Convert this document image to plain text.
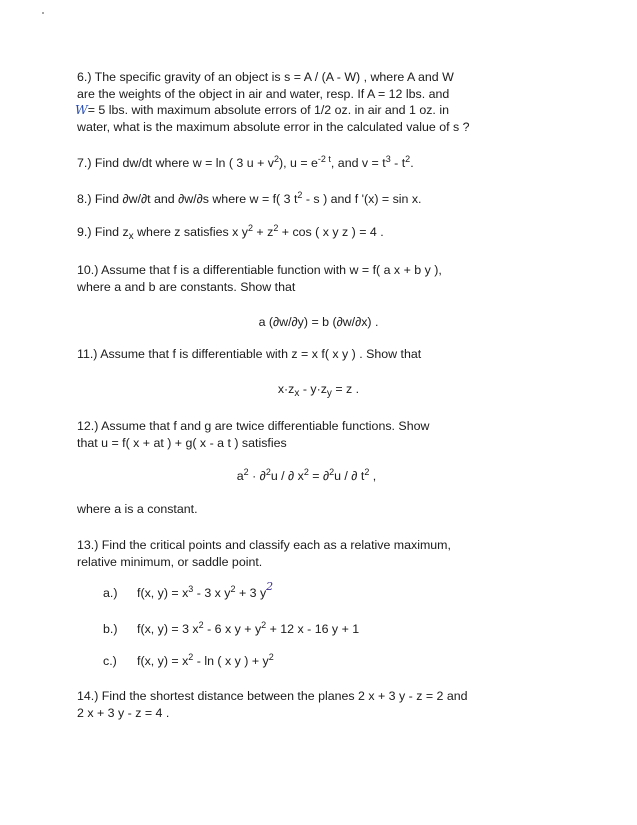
6.) The specific gravity of an object is s = A / (A - W) , where A and W
are the weights of the object in air and water, resp. If A = 12 lbs. and
W= 5 lbs. with maximum absolute errors of 1/2 oz. in air and 1 oz. in
water, what is the maximum absolute error in the calculated value of s ?
7.) Find dw/dt where w = ln ( 3 $u + v^2$), $u = e^{-2 t}$, and $v = t^3 - t^2$.
8.) Find ∂w/∂t and ∂w/∂s where w = f( 3 $t^2$ - s ) and f '(x) = sin x.
9.) Find $z_x$ where z satisfies x $y^2 + z^2 + \cos$ ( x y z ) = 4 .
10.) Assume that f is a differentiable function with w = f( a x + b y ),
where a and b are constants. Show that
a (∂w/∂y) = b (∂w/∂x) .
11.) Assume that f is differentiable with z = x f( x y ) . Show that
$x\cdot z_x - y\cdot z_y = z$ .
12.) Assume that f and g are twice differentiable functions. Show
that u = f( x + at ) + g( x - a t ) satisfies
$a^2 \cdot \partial^2u$ / ∂ $x^2 = \partial^2u$ / ∂ $t^2$ ,
where a is a constant.
13.) Find the critical points and classify each as a relative maximum,
relative minimum, or saddle point.
a.) f(x, $y) = x^3 - 3$ x $y^2 + 3$ y2
b.) f(x, y) = 3 $x^2 - 6$ x $y + y^2 + 12$ x - 16 y + 1
c.) f(x, $y) = x^2 - \ln$ ( x y ) + $y^2$
14.) Find the shortest distance between the planes 2 x + 3 y - z = 2 and
2 x + 3 y - z = 4 .
